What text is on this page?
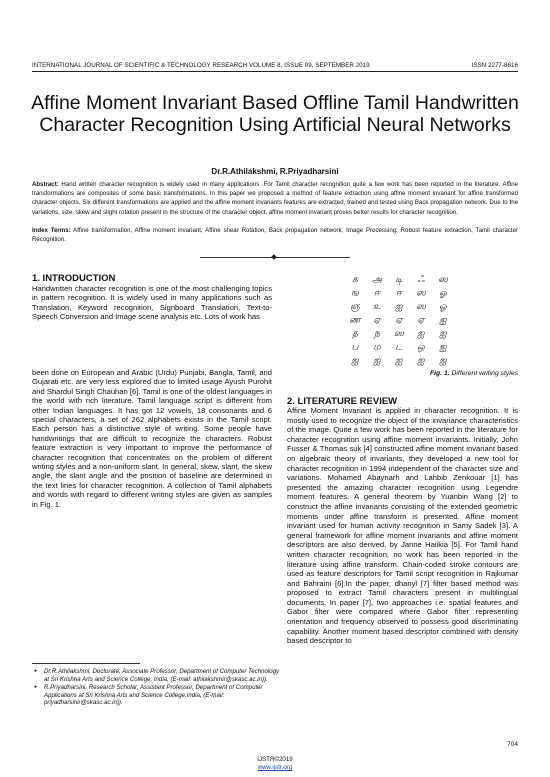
INTERNATIONAL JOURNAL OF SCIENTIFIC & TECHNOLOGY RESEARCH VOLUME 8, ISSUE 09, SEPTEMBER 2019	ISSN 2277-8616
Affine Moment Invariant Based Offline Tamil Handwritten Character Recognition Using Artificial Neural Networks
Dr.R.Athilakshmi, R.Priyadharsini
Abstract: Hand written character recognition is widely used in many applications .For Tamil character recognition quite a few work has been reported in the literature. Affine transformations are composites of some basic transformations. In this paper we proposed a method of feature extraction using affine moment invariant for affine transformed character objects. Six different transformations are applied and the affine moment invariants features are extracted, trained and tested using Back propagation network. Due to the variations, size, skew and slight rotation present in the structure of the character object, affine moment invariant proves better results for character recognition.
Index Terms: Affine transformation, Affine moment invariant, Affine shear Rotation, Back propagation network, Image Processing, Robust feature extraction, Tamil character Recognition.
1. INTRODUCTION
Handwritten character recognition is one of the most challenging topics in pattern recognition. It is widely used in many applications such as Translation, Keyword recognition, Signboard Translation, Text-to-Speech Conversion and Image scene analysis etc. Lots of work has
been done on European and Arabic (Urdu) Punjabi, Bangla, Tamil, and Gujarati etc. are very less explored due to limited usage Ayush Purohit and Shardul Singh Chauhan [6]. Tamil is one of the oldest languages in the world with rich literature. Tamil language script is different from other Indian languages. It has got 12 vowels, 18 consonants and 6 special characters, a set of 262 alphabets exists in the Tamil script. Each person has a distinctive style of writing. Some people have handwritings that are difficult to recognize the characters. Robust feature extraction is very important to improve the performance of character recognition that concentrates on the problem of different writing styles and a non-uniform slant. In general, skew, slant, the skew angle, the slant angle and the position of baseline are determined in the text lines for character recognition. A collection of Tamil alphabets and words with regard to different writing styles are given as samples in Fig. 1.
க அ டி ஃ ஸ
ங ஈ ஈ ஸ ஓ
ஞ உ ஐ ஸ ஓ
ண ஏ ஏ ஏ ஐ
த ந ஸ ஐ ஐ
ப ம ட ஒ ஐ
ஐ ஐ ஐ ஐ ஐ
Fig. 1. Different writing styles
2. LITERATURE REVIEW
Affine Moment Invariant is applied in character recognition. It is mostly used to recognize the object of the invariance characteristics of the image. Quite a few work has been reported in the literature for character recognition using affine moment invariants. Initially, John Fusser & Thomas suk [4] constructed affine moment invariant based on algebraic theory of invariants, they developed a new tool for character recognition in 1994 independent of the character size and variations. Mohamed Abaynarh and Lahbib Zenkouar [1] has presented the amazing character recognition using Legendre moment features. A general theorem by Yuanbin Wang [2] to construct the affine invariants consisting of the extended geometric moments under affine transform is presented. Affine moment invariant used for human activity recognition in Samy Sadek [3]. A general framework for affine moment invariants and affine moment descriptors are also derived, by Janne Haiikia [5]. For Tamil hand written character recognition, no work has been reported in the literature using affine transform. Chain-coded stroke contours are used as feature descriptors for Tamil script recognition in Rajkumar and Bahraini [6].In the paper, dhanyl [7] filter based method was proposed to extract Tamil characters present in multilingual documents. In paper [7], two approaches i.e. spatial features and Gabor filter were compared where Gabor filter representing orientation and frequency observed to possess good discriminating capability. Another moment based descriptor combined with density based descriptor to
● Dr.R.Athilakshmi, Doctorate, Associate Professor, Department of Computer Technology at Sri Krishna Arts and Science College, India, (E-mail: athilakshmir@skasc.ac.in)).
● R.Priyadharsini, Research Scholar, Assistant Professor, Department of Computer Applications at Sri Krishna Arts and Science College,India, (E-mail: priyadharsinir@skasc.ac.in)).
704
IJSTR©2019
www.ijstr.org
